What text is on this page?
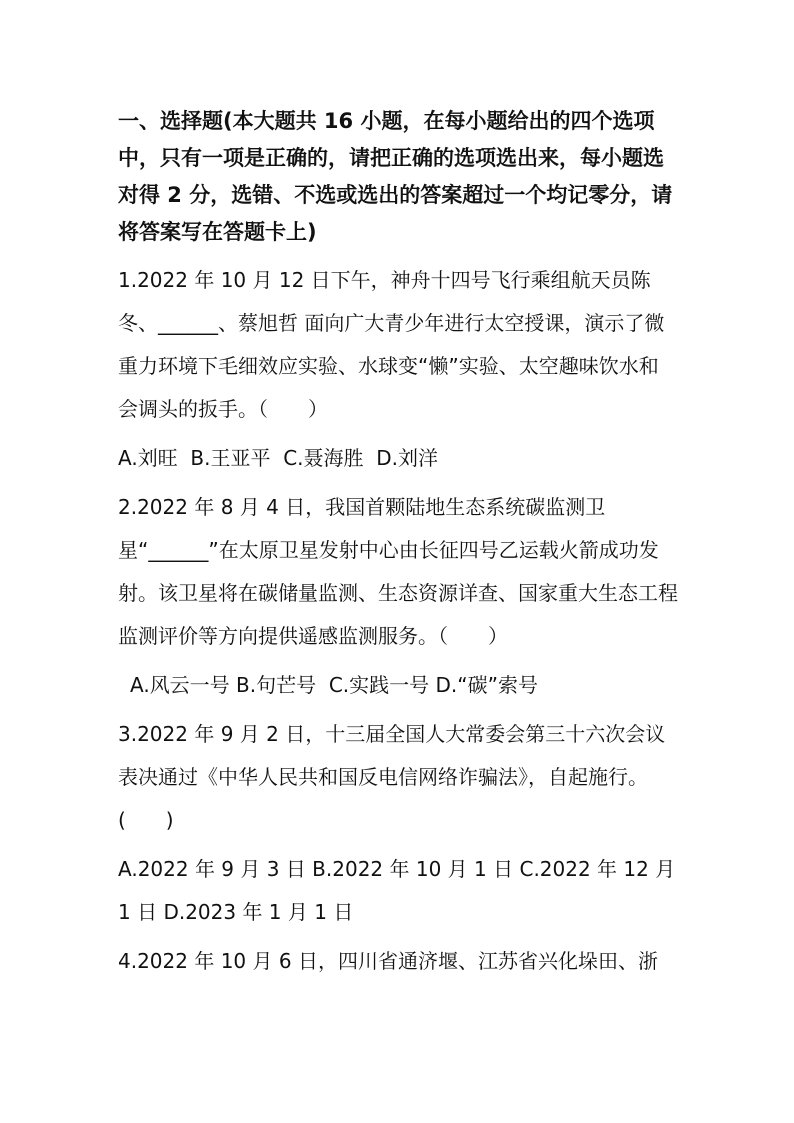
一、选择题(本大题共 16 小题，在每小题给出的四个选项中，只有一项是正确的，请把正确的选项选出来，每小题选对得 2 分，选错、不选或选出的答案超过一个均记零分，请将答案写在答题卡上)

1.2022 年 10 月 12 日下午，神舟十四号飞行乘组航天员陈冬、______、蔡旭哲 面向广大青少年进行太空授课，演示了微重力环境下毛细效应实验、水球变“懒”实验、太空趣味饮水和会调头的扳手。（　　）

A.刘旺  B.王亚平  C.聂海胜  D.刘洋

2.2022 年 8 月 4 日，我国首颗陆地生态系统碳监测卫星“______”在太原卫星发射中心由长征四号乙运载火箭成功发射。该卫星将在碳储量监测、生态资源详查、国家重大生态工程监测评价等方向提供遥感监测服务。（　　）

A.风云一号 B.句芒号  C.实践一号 D.“碳”索号

3.2022 年 9 月 2 日，十三届全国人大常委会第三十六次会议表决通过《中华人民共和国反电信网络诈骗法》，自起施行。(　　)

A.2022 年 9 月 3 日 B.2022 年 10 月 1 日 C.2022 年 12 月 1 日 D.2023 年 1 月 1 日

4.2022 年 10 月 6 日，四川省通济堰、江苏省兴化垛田、浙
